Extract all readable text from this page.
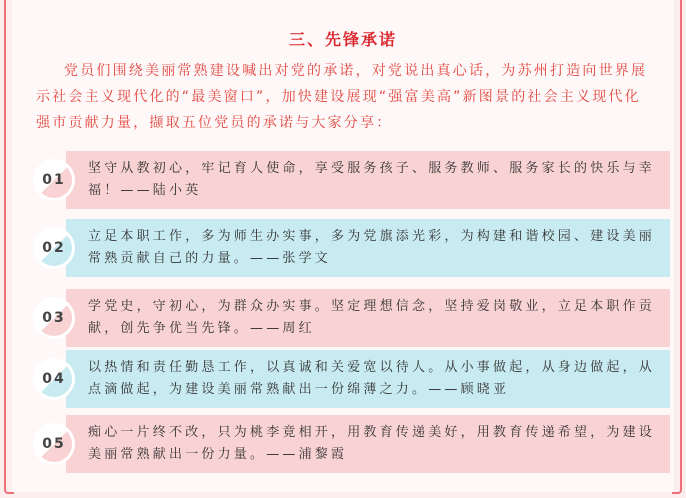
三、先锋承诺

党员们围绕美丽常熟建设喊出对党的承诺，对党说出真心话，为苏州打造向世界展示社会主义现代化的“最美窗口”，加快建设展现“强富美高”新图景的社会主义现代化强市贡献力量，撷取五位党员的承诺与大家分享：

01

坚守从教初心，牢记育人使命，享受服务孩子、服务教师、服务家长的快乐与幸福！——陆小英

02

立足本职工作，多为师生办实事，多为党旗添光彩，为构建和谐校园、建设美丽常熟贡献自己的力量。——张学文

03

学党史，守初心，为群众办实事。坚定理想信念，坚持爱岗敬业，立足本职作贡献，创先争优当先锋。——周红

04

以热情和责任勤恳工作，以真诚和关爱宽以待人。从小事做起，从身边做起，从点滴做起，为建设美丽常熟献出一份绵薄之力。——顾晓亚

05

痴心一片终不改，只为桃李竟相开，用教育传递美好，用教育传递希望，为建设美丽常熟献出一份力量。——浦黎霞
